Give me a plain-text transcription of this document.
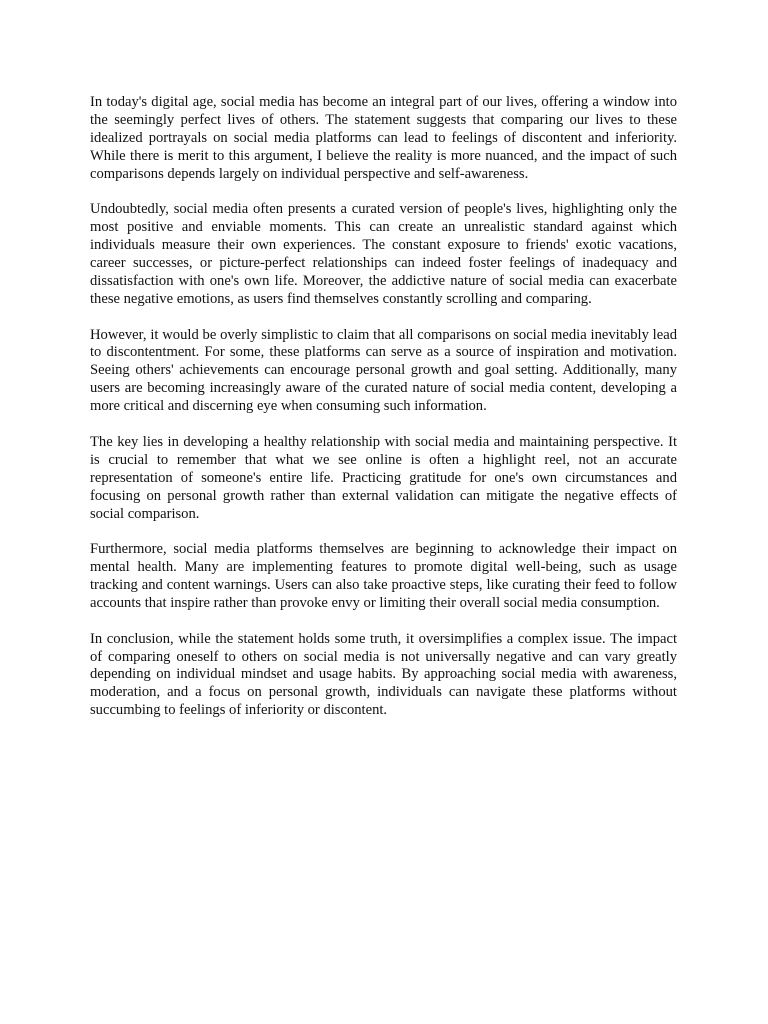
In today's digital age, social media has become an integral part of our lives, offering a window into the seemingly perfect lives of others. The statement suggests that comparing our lives to these idealized portrayals on social media platforms can lead to feelings of discontent and inferiority. While there is merit to this argument, I believe the reality is more nuanced, and the impact of such comparisons depends largely on individual perspective and self-awareness.

Undoubtedly, social media often presents a curated version of people's lives, highlighting only the most positive and enviable moments. This can create an unrealistic standard against which individuals measure their own experiences. The constant exposure to friends' exotic vacations, career successes, or picture-perfect relationships can indeed foster feelings of inadequacy and dissatisfaction with one's own life. Moreover, the addictive nature of social media can exacerbate these negative emotions, as users find themselves constantly scrolling and comparing.

However, it would be overly simplistic to claim that all comparisons on social media inevitably lead to discontentment. For some, these platforms can serve as a source of inspiration and motivation. Seeing others' achievements can encourage personal growth and goal setting. Additionally, many users are becoming increasingly aware of the curated nature of social media content, developing a more critical and discerning eye when consuming such information.

The key lies in developing a healthy relationship with social media and maintaining perspective. It is crucial to remember that what we see online is often a highlight reel, not an accurate representation of someone's entire life. Practicing gratitude for one's own circumstances and focusing on personal growth rather than external validation can mitigate the negative effects of social comparison.

Furthermore, social media platforms themselves are beginning to acknowledge their impact on mental health. Many are implementing features to promote digital well-being, such as usage tracking and content warnings. Users can also take proactive steps, like curating their feed to follow accounts that inspire rather than provoke envy or limiting their overall social media consumption.

In conclusion, while the statement holds some truth, it oversimplifies a complex issue. The impact of comparing oneself to others on social media is not universally negative and can vary greatly depending on individual mindset and usage habits. By approaching social media with awareness, moderation, and a focus on personal growth, individuals can navigate these platforms without succumbing to feelings of inferiority or discontent.
